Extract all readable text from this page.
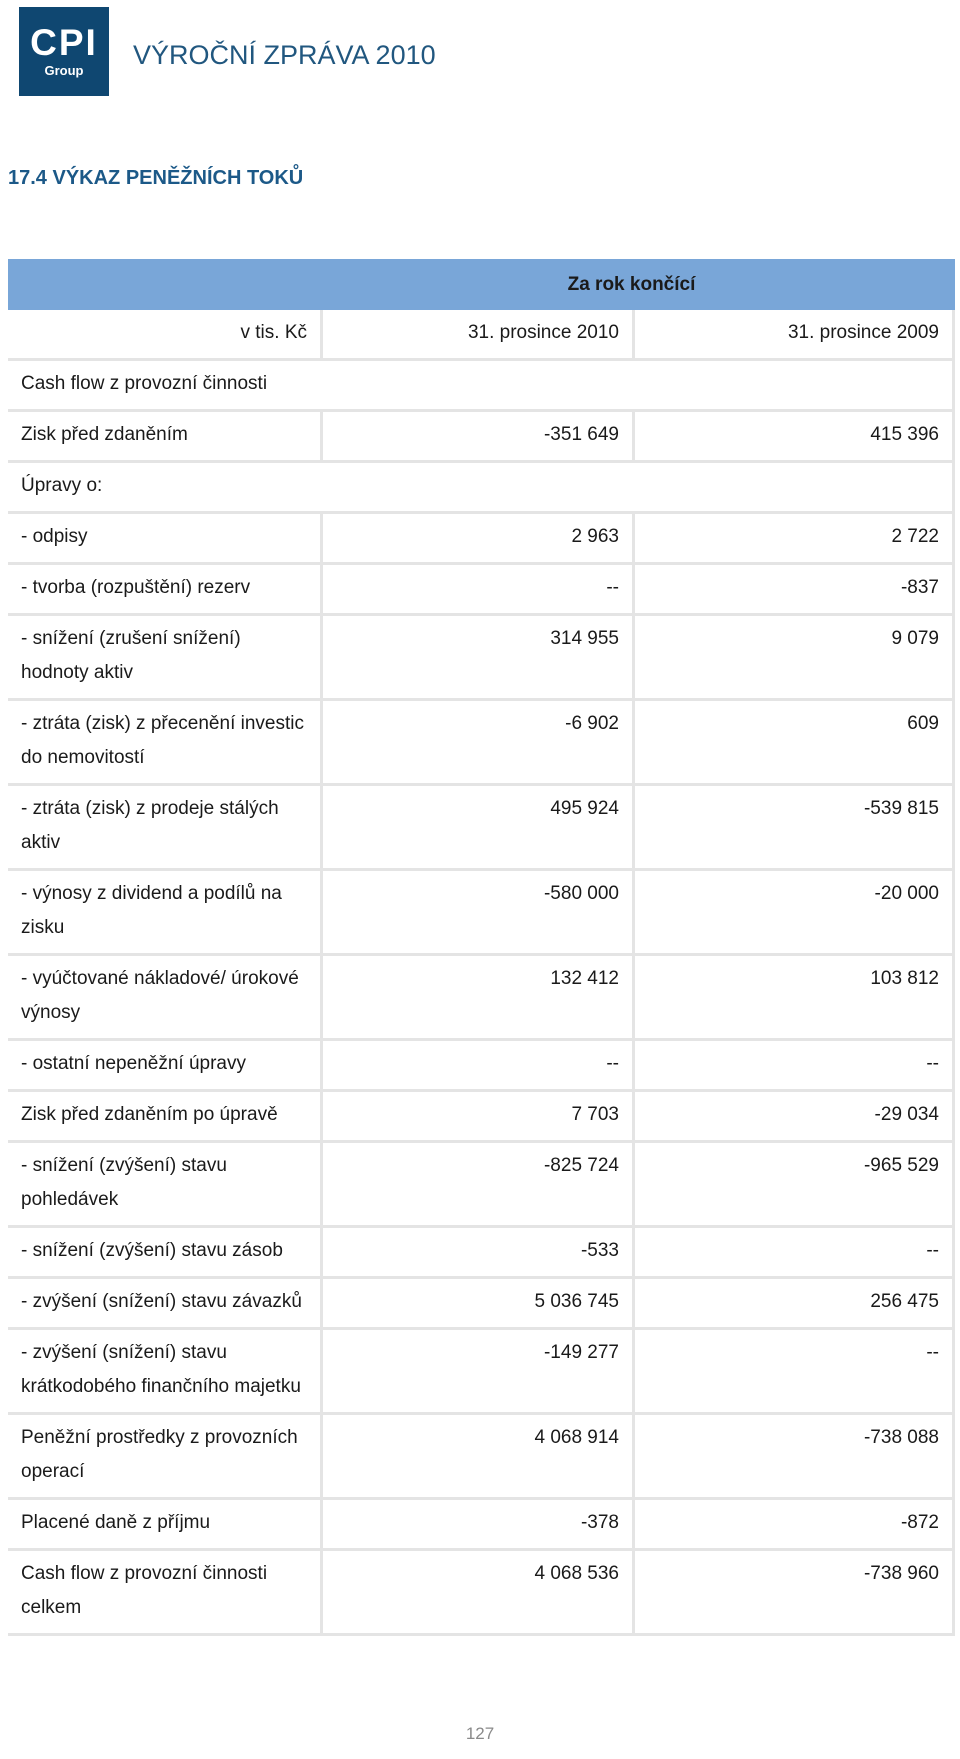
CPI
Group
VÝROČNÍ ZPRÁVA 2010
17.4 VÝKAZ PENĚŽNÍCH TOKŮ
Za rok končící		
v tis. Kč	31. prosince 2010	31. prosince 2009
Cash flow z provozní činnosti		
Zisk před zdaněním	-351 649	415 396
Úpravy o:		
- odpisy	2 963	2 722
- tvorba (rozpuštění) rezerv	--	-837
- snížení (zrušení snížení) hodnoty aktiv	314 955	9 079
- ztráta (zisk) z přecenění investic do nemovitostí	-6 902	609
- ztráta (zisk) z prodeje stálých aktiv	495 924	-539 815
- výnosy z dividend a podílů na zisku	-580 000	-20 000
- vyúčtované nákladové/ úrokové výnosy	132 412	103 812
- ostatní nepeněžní úpravy	--	--
Zisk před zdaněním po úpravě	7 703	-29 034
- snížení (zvýšení) stavu pohledávek	-825 724	-965 529
- snížení (zvýšení) stavu zásob	-533	--
- zvýšení (snížení) stavu závazků	5 036 745	256 475
- zvýšení (snížení) stavu krátkodobého finančního majetku	-149 277	--
Peněžní prostředky z provozních operací	4 068 914	-738 088
Placené daně z příjmu	-378	-872
Cash flow z provozní činnosti celkem	4 068 536	-738 960
127
